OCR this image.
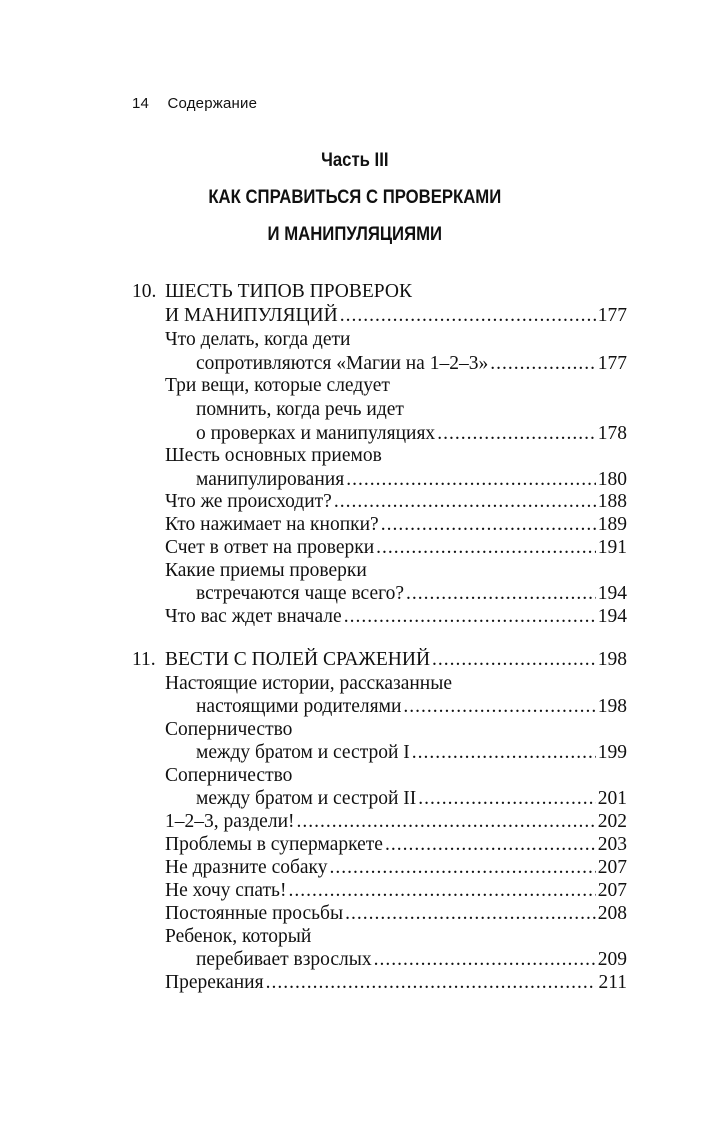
14 Содержание
Часть III
КАК СПРАВИТЬСЯ С ПРОВЕРКАМИ
И МАНИПУЛЯЦИЯМИ
10. ШЕСТЬ ТИПОВ ПРОВЕРОК
И МАНИПУЛЯЦИЙ .....	177
Что делать, когда дети
сопротивляются «Магии на 1–2–3» .....	177
Три вещи, которые следует
помнить, когда речь идет
о проверках и манипуляциях .....	178
Шесть основных приемов
манипулирования .....	180
Что же происходит? .....	188
Кто нажимает на кнопки? .....	189
Счет в ответ на проверки .....	191
Какие приемы проверки
встречаются чаще всего? .....	194
Что вас ждет вначале .....	194
11. ВЕСТИ С ПОЛЕЙ СРАЖЕНИЙ .....	198
Настоящие истории, рассказанные
настоящими родителями .....	198
Соперничество
между братом и сестрой I .....	199
Соперничество
между братом и сестрой II .....	201
1–2–3, раздели! .....	202
Проблемы в супермаркете .....	203
Не дразните собаку .....	207
Не хочу спать! .....	207
Постоянные просьбы .....	208
Ребенок, который
перебивает взрослых .....	209
Пререкания .....	211
